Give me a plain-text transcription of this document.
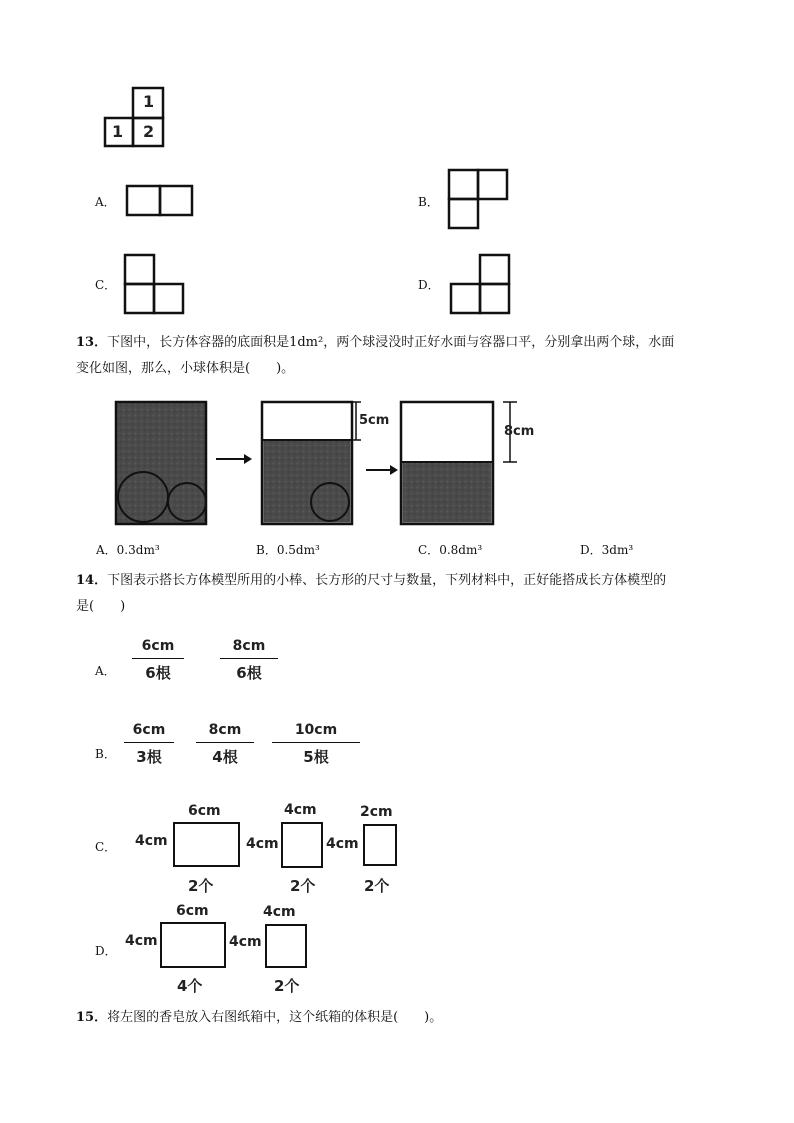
1
1 2
A．	B．
C．	D．
13．下图中，长方体容器的底面积是1dm²，两个球浸没时正好水面与容器口平，分别拿出两个球，水面
变化如图，那么，小球体积是(　　)。
5cm
8cm
A．0.3dm³	B．0.5dm³	C．0.8dm³	D．3dm³
14．下图表示搭长方体模型所用的小棒、长方形的尺寸与数量，下列材料中，正好能搭成长方体模型的
是(　　)
A．
6cm
6根
8cm
6根
B．
6cm
3根
8cm
4根
10cm
5根
C．
6cm
4cm
2个
4cm
4cm
2个
2cm
4cm
2个
D．
6cm
4cm
4个
4cm
4cm
2个
15．将左图的香皂放入右图纸箱中，这个纸箱的体积是(　　)。
